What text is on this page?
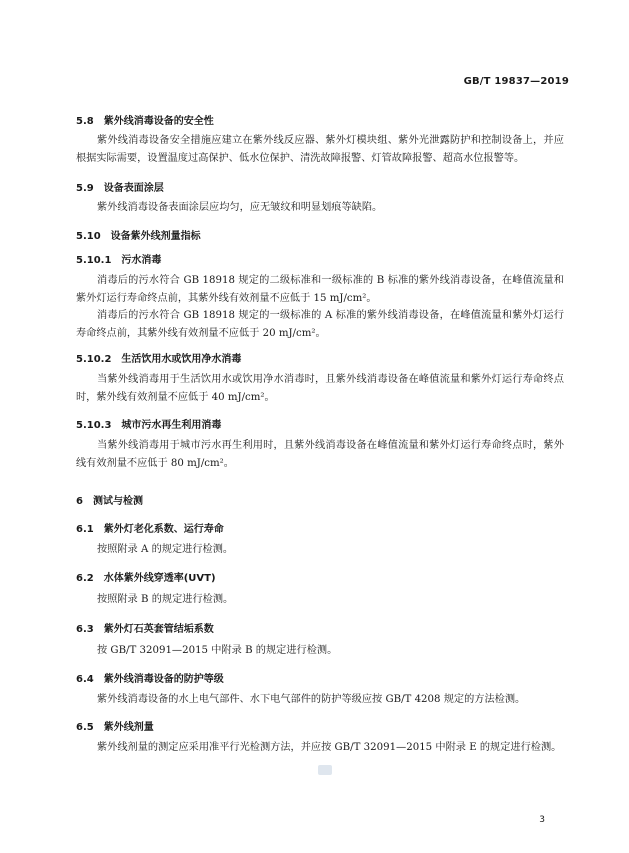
GB/T 19837—2019
5.8　紫外线消毒设备的安全性

紫外线消毒设备安全措施应建立在紫外线反应器、紫外灯模块组、紫外光泄露防护和控制设备上，并应根据实际需要，设置温度过高保护、低水位保护、清洗故障报警、灯管故障报警、超高水位报警等。

5.9　设备表面涂层

紫外线消毒设备表面涂层应均匀，应无皱纹和明显划痕等缺陷。

5.10　设备紫外线剂量指标
5.10.1　污水消毒

消毒后的污水符合 GB 18918 规定的二级标准和一级标准的 B 标准的紫外线消毒设备，在峰值流量和紫外灯运行寿命终点前，其紫外线有效剂量不应低于 15 mJ/cm²。

消毒后的污水符合 GB 18918 规定的一级标准的 A 标准的紫外线消毒设备，在峰值流量和紫外灯运行寿命终点前，其紫外线有效剂量不应低于 20 mJ/cm²。

5.10.2　生活饮用水或饮用净水消毒

当紫外线消毒用于生活饮用水或饮用净水消毒时，且紫外线消毒设备在峰值流量和紫外灯运行寿命终点时，紫外线有效剂量不应低于 40 mJ/cm²。

5.10.3　城市污水再生利用消毒

当紫外线消毒用于城市污水再生利用时，且紫外线消毒设备在峰值流量和紫外灯运行寿命终点时，紫外线有效剂量不应低于 80 mJ/cm²。

6　测试与检测
6.1　紫外灯老化系数、运行寿命

按照附录 A 的规定进行检测。

6.2　水体紫外线穿透率(UVT)

按照附录 B 的规定进行检测。

6.3　紫外灯石英套管结垢系数

按 GB/T 32091—2015 中附录 B 的规定进行检测。

6.4　紫外线消毒设备的防护等级

紫外线消毒设备的水上电气部件、水下电气部件的防护等级应按 GB/T 4208 规定的方法检测。

6.5　紫外线剂量

紫外线剂量的测定应采用准平行光检测方法，并应按 GB/T 32091—2015 中附录 E 的规定进行检测。

3
